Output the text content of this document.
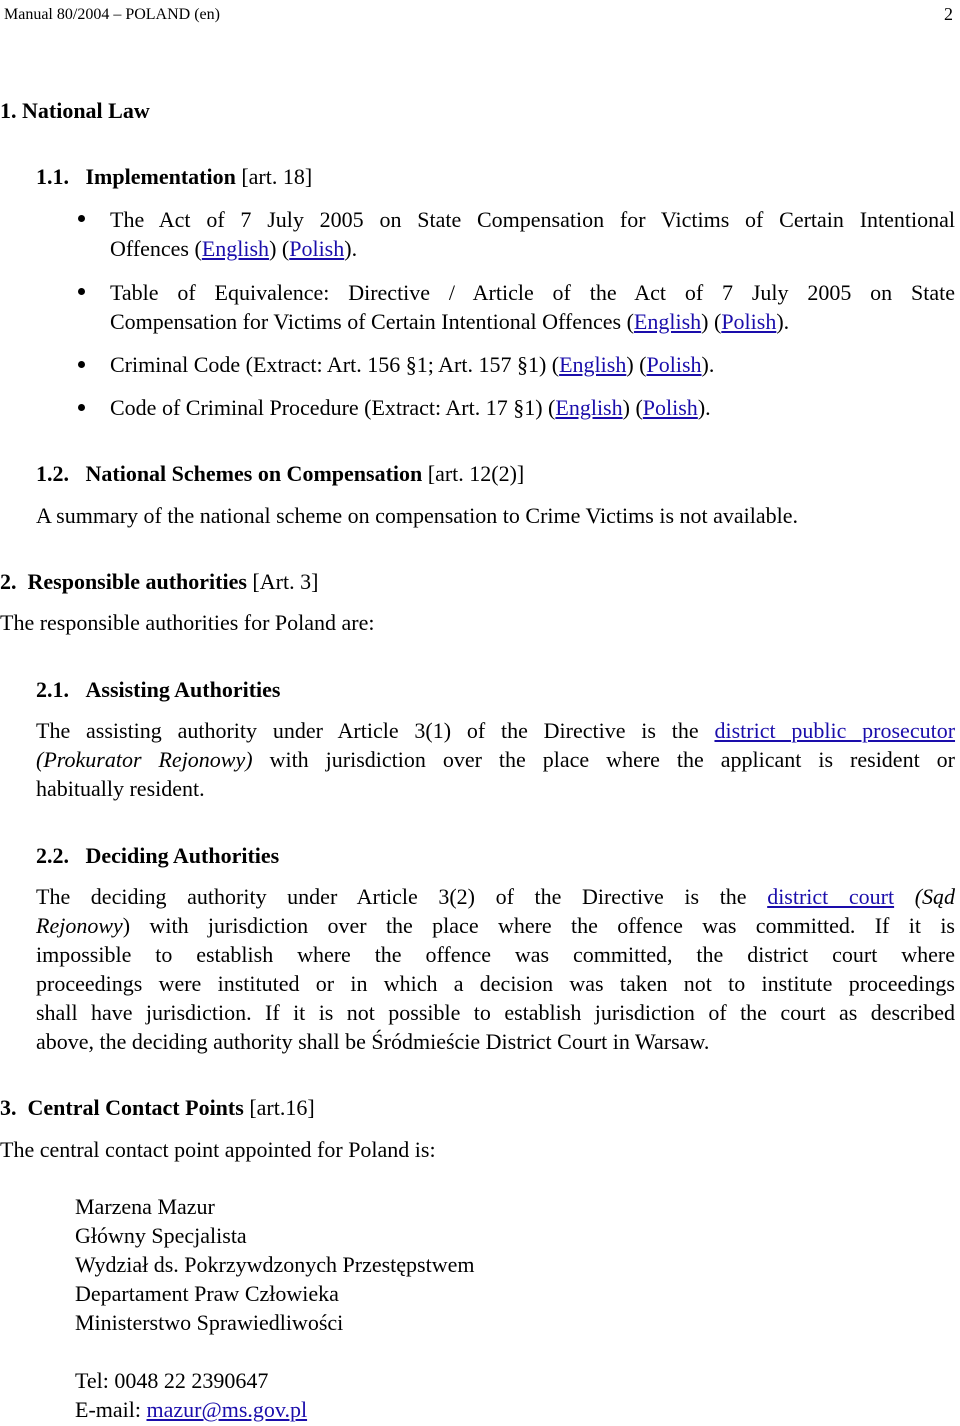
Manual 80/2004 – POLAND (en)	2
1. National Law
1.1. Implementation [art. 18]
The Act of 7 July 2005 on State Compensation for Victims of Certain Intentional
Offences (English) (Polish).
Table of Equivalence: Directive / Article of the Act of 7 July 2005 on State
Compensation for Victims of Certain Intentional Offences (English) (Polish).
Criminal Code (Extract: Art. 156 §1; Art. 157 §1) (English) (Polish).
Code of Criminal Procedure (Extract: Art. 17 §1) (English) (Polish).
1.2. National Schemes on Compensation [art. 12(2)]
A summary of the national scheme on compensation to Crime Victims is not available.
2. Responsible authorities [Art. 3]
The responsible authorities for Poland are:
2.1. Assisting Authorities
The assisting authority under Article 3(1) of the Directive is the district public prosecutor
(Prokurator Rejonowy) with jurisdiction over the place where the applicant is resident or
habitually resident.
2.2. Deciding Authorities
The deciding authority under Article 3(2) of the Directive is the district court (Sąd
Rejonowy) with jurisdiction over the place where the offence was committed. If it is
impossible to establish where the offence was committed, the district court where
proceedings were instituted or in which a decision was taken not to institute proceedings
shall have jurisdiction. If it is not possible to establish jurisdiction of the court as described
above, the deciding authority shall be Śródmieście District Court in Warsaw.
3. Central Contact Points [art.16]
The central contact point appointed for Poland is:
Marzena Mazur
Główny Specjalista
Wydział ds. Pokrzywdzonych Przestępstwem
Departament Praw Człowieka
Ministerstwo Sprawiedliwości
Tel: 0048 22 2390647
E-mail: mazur@ms.gov.pl
